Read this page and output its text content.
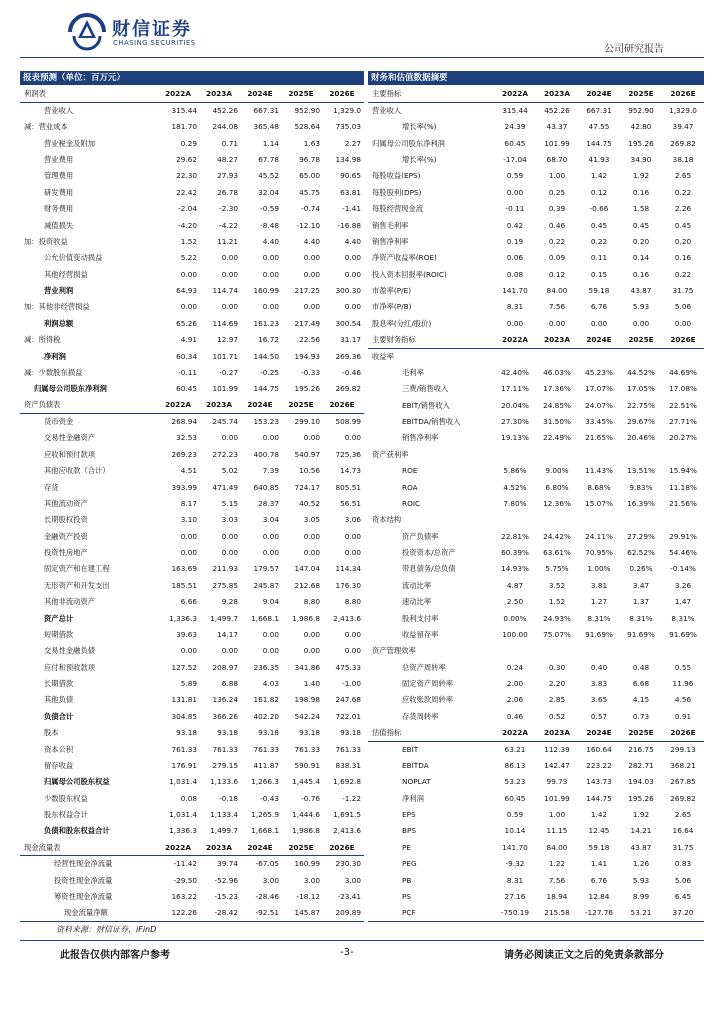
财信证券
CHASING SECURITIES
公司研究报告
报表预测（单位：百万元）	财务和估值数据摘要
利润表	2022A	2023A	2024E	2025E	2026E
营业收入	315.44	452.26	667.31	952.90	1,329.0
减：营业成本	181.70	244.08	365.48	528.64	735.03
营业税金及附加	0.29	0.71	1.14	1.63	2.27
营业费用	29.62	48.27	67.78	96.78	134.98
管理费用	22.30	27.93	45.52	65.00	90.65
研发费用	22.42	26.78	32.04	45.75	63.81
财务费用	-2.04	-2.30	-0.59	-0.74	-1.41
减值损失	-4.20	-4.22	-8.48	-12.10	-16.88
加：投资收益	1.52	11.21	4.40	4.40	4.40
公允价值变动损益	5.22	0.00	0.00	0.00	0.00
其他经营损益	0.00	0.00	0.00	0.00	0.00
营业利润	64.93	114.74	160.99	217.25	300.30
加：其他非经营损益	0.00	0.00	0.00	0.00	0.00
利润总额	65.26	114.69	161.23	217.49	300.54
减：所得税	4.91	12.97	16.72	22.56	31.17
净利润	60.34	101.71	144.50	194.93	269.36
减：少数股东损益	-0.11	-0.27	-0.25	-0.33	-0.46
归属母公司股东净利润	60.45	101.99	144.75	195.26	269.82
资产负债表	2022A	2023A	2024E	2025E	2026E
货币资金	268.94	245.74	153.23	299.10	508.99
交易性金融资产	32.53	0.00	0.00	0.00	0.00
应收和预付款项	269.23	272.23	400.78	540.97	725.36
其他应收款（合计）	4.51	5.02	7.39	10.56	14.73
存货	393.99	471.49	640.85	724.17	805.51
其他流动资产	8.17	5.15	28.37	40.52	56.51
长期股权投资	3.10	3.03	3.04	3.05	3.06
金融资产投资	0.00	0.00	0.00	0.00	0.00
投资性房地产	0.00	0.00	0.00	0.00	0.00
固定资产和在建工程	163.69	211.93	179.57	147.04	114.34
无形资产和开发支出	185.51	275.85	245.87	212.68	176.30
其他非流动资产	6.66	9.28	9.04	8.80	8.80
资产总计	1,336.3	1,499.7	1,668.1	1,986.8	2,413.6
短期借款	39.63	14.17	0.00	0.00	0.00
交易性金融负债	0.00	0.00	0.00	0.00	0.00
应付和预收款项	127.52	208.97	236.35	341.86	475.33
长期借款	5.89	6.88	4.03	1.40	-1.00
其他负债	131.81	136.24	161.82	198.98	247.68
负债合计	304.85	366.26	402.20	542.24	722.01
股本	93.18	93.18	93.18	93.18	93.18
资本公积	761.33	761.33	761.33	761.33	761.33
留存收益	176.91	279.15	411.87	590.91	838.31
归属母公司股东权益	1,031.4	1,133.6	1,266.3	1,445.4	1,692.8
少数股东权益	0.08	-0.18	-0.43	-0.76	-1.22
股东权益合计	1,031.4	1,133.4	1,265.9	1,444.6	1,691.5
负债和股东权益合计	1,336.3	1,499.7	1,668.1	1,986.8	2,413.6
现金流量表	2022A	2023A	2024E	2025E	2026E
经营性现金净流量	-11.42	39.74	-67.05	160.99	230.30
投资性现金净流量	-29.50	-52.96	3.00	3.00	3.00
筹资性现金净流量	163.22	-15.23	-28.46	-18.12	-23.41
现金流量净额	122.26	-28.42	-92.51	145.87	209.89
主要指标	2022A	2023A	2024E	2025E	2026E
营业收入	315.44	452.26	667.31	952.90	1,329.0
增长率(%)	24.39	43.37	47.55	42.80	39.47
归属母公司股东净利润	60.45	101.99	144.75	195.26	269.82
增长率(%)	-17.04	68.70	41.93	34.90	38.18
每股收益(EPS)	0.59	1.00	1.42	1.92	2.65
每股股利(DPS)	0.00	0.25	0.12	0.16	0.22
每股经营现金流	-0.11	0.39	-0.66	1.58	2.26
销售毛利率	0.42	0.46	0.45	0.45	0.45
销售净利率	0.19	0.22	0.22	0.20	0.20
净资产收益率(ROE)	0.06	0.09	0.11	0.14	0.16
投入资本回报率(ROIC)	0.08	0.12	0.15	0.16	0.22
市盈率(P/E)	141.70	84.00	59.18	43.87	31.75
市净率(P/B)	8.31	7.56	6.76	5.93	5.06
股息率(分红/股价)	0.00	0.00	0.00	0.00	0.00
主要财务指标	2022A	2023A	2024E	2025E	2026E
收益率					
毛利率	42.40%	46.03%	45.23%	44.52%	44.69%
三费/销售收入	17.11%	17.36%	17.07%	17.05%	17.08%
EBIT/销售收入	20.04%	24.85%	24.07%	22.75%	22.51%
EBITDA/销售收入	27.30%	31.50%	33.45%	29.67%	27.71%
销售净利率	19.13%	22.49%	21.65%	20.46%	20.27%
资产获利率					
ROE	5.86%	9.00%	11.43%	13.51%	15.94%
ROA	4.52%	6.80%	8.68%	9.83%	11.18%
ROIC	7.80%	12.36%	15.07%	16.39%	21.56%
资本结构					
资产负债率	22.81%	24.42%	24.11%	27.29%	29.91%
投资资本/总资产	60.39%	63.61%	70.95%	62.52%	54.46%
带息债务/总负债	14.93%	5.75%	1.00%	0.26%	-0.14%
流动比率	4.87	3.52	3.81	3.47	3.26
速动比率	2.50	1.52	1.27	1.37	1.47
股利支付率	0.00%	24.93%	8.31%	8.31%	8.31%
收益留存率	100.00	75.07%	91.69%	91.69%	91.69%
资产管理效率					
总资产周转率	0.24	0.30	0.40	0.48	0.55
固定资产周转率	2.00	2.20	3.83	6.68	11.96
应收账款周转率	2.06	2.85	3.65	4.15	4.56
存货周转率	0.46	0.52	0.57	0.73	0.91
估值指标	2022A	2023A	2024E	2025E	2026E
EBIT	63.21	112.39	160.64	216.75	299.13
EBITDA	86.13	142.47	223.22	282.71	368.21
NOPLAT	53.23	99.73	143.73	194.03	267.85
净利润	60.45	101.99	144.75	195.26	269.82
EPS	0.59	1.00	1.42	1.92	2.65
BPS	10.14	11.15	12.45	14.21	16.64
PE	141.70	84.00	59.18	43.87	31.75
PEG	-9.32	1.22	1.41	1.26	0.83
PB	8.31	7.56	6.76	5.93	5.06
PS	27.16	18.94	12.84	8.99	6.45
PCF	-750.19	215.58	-127.76	53.21	37.20
资料来源：财信证券，iFinD
此报告仅供内部客户参考	-3-	请务必阅读正文之后的免责条款部分
